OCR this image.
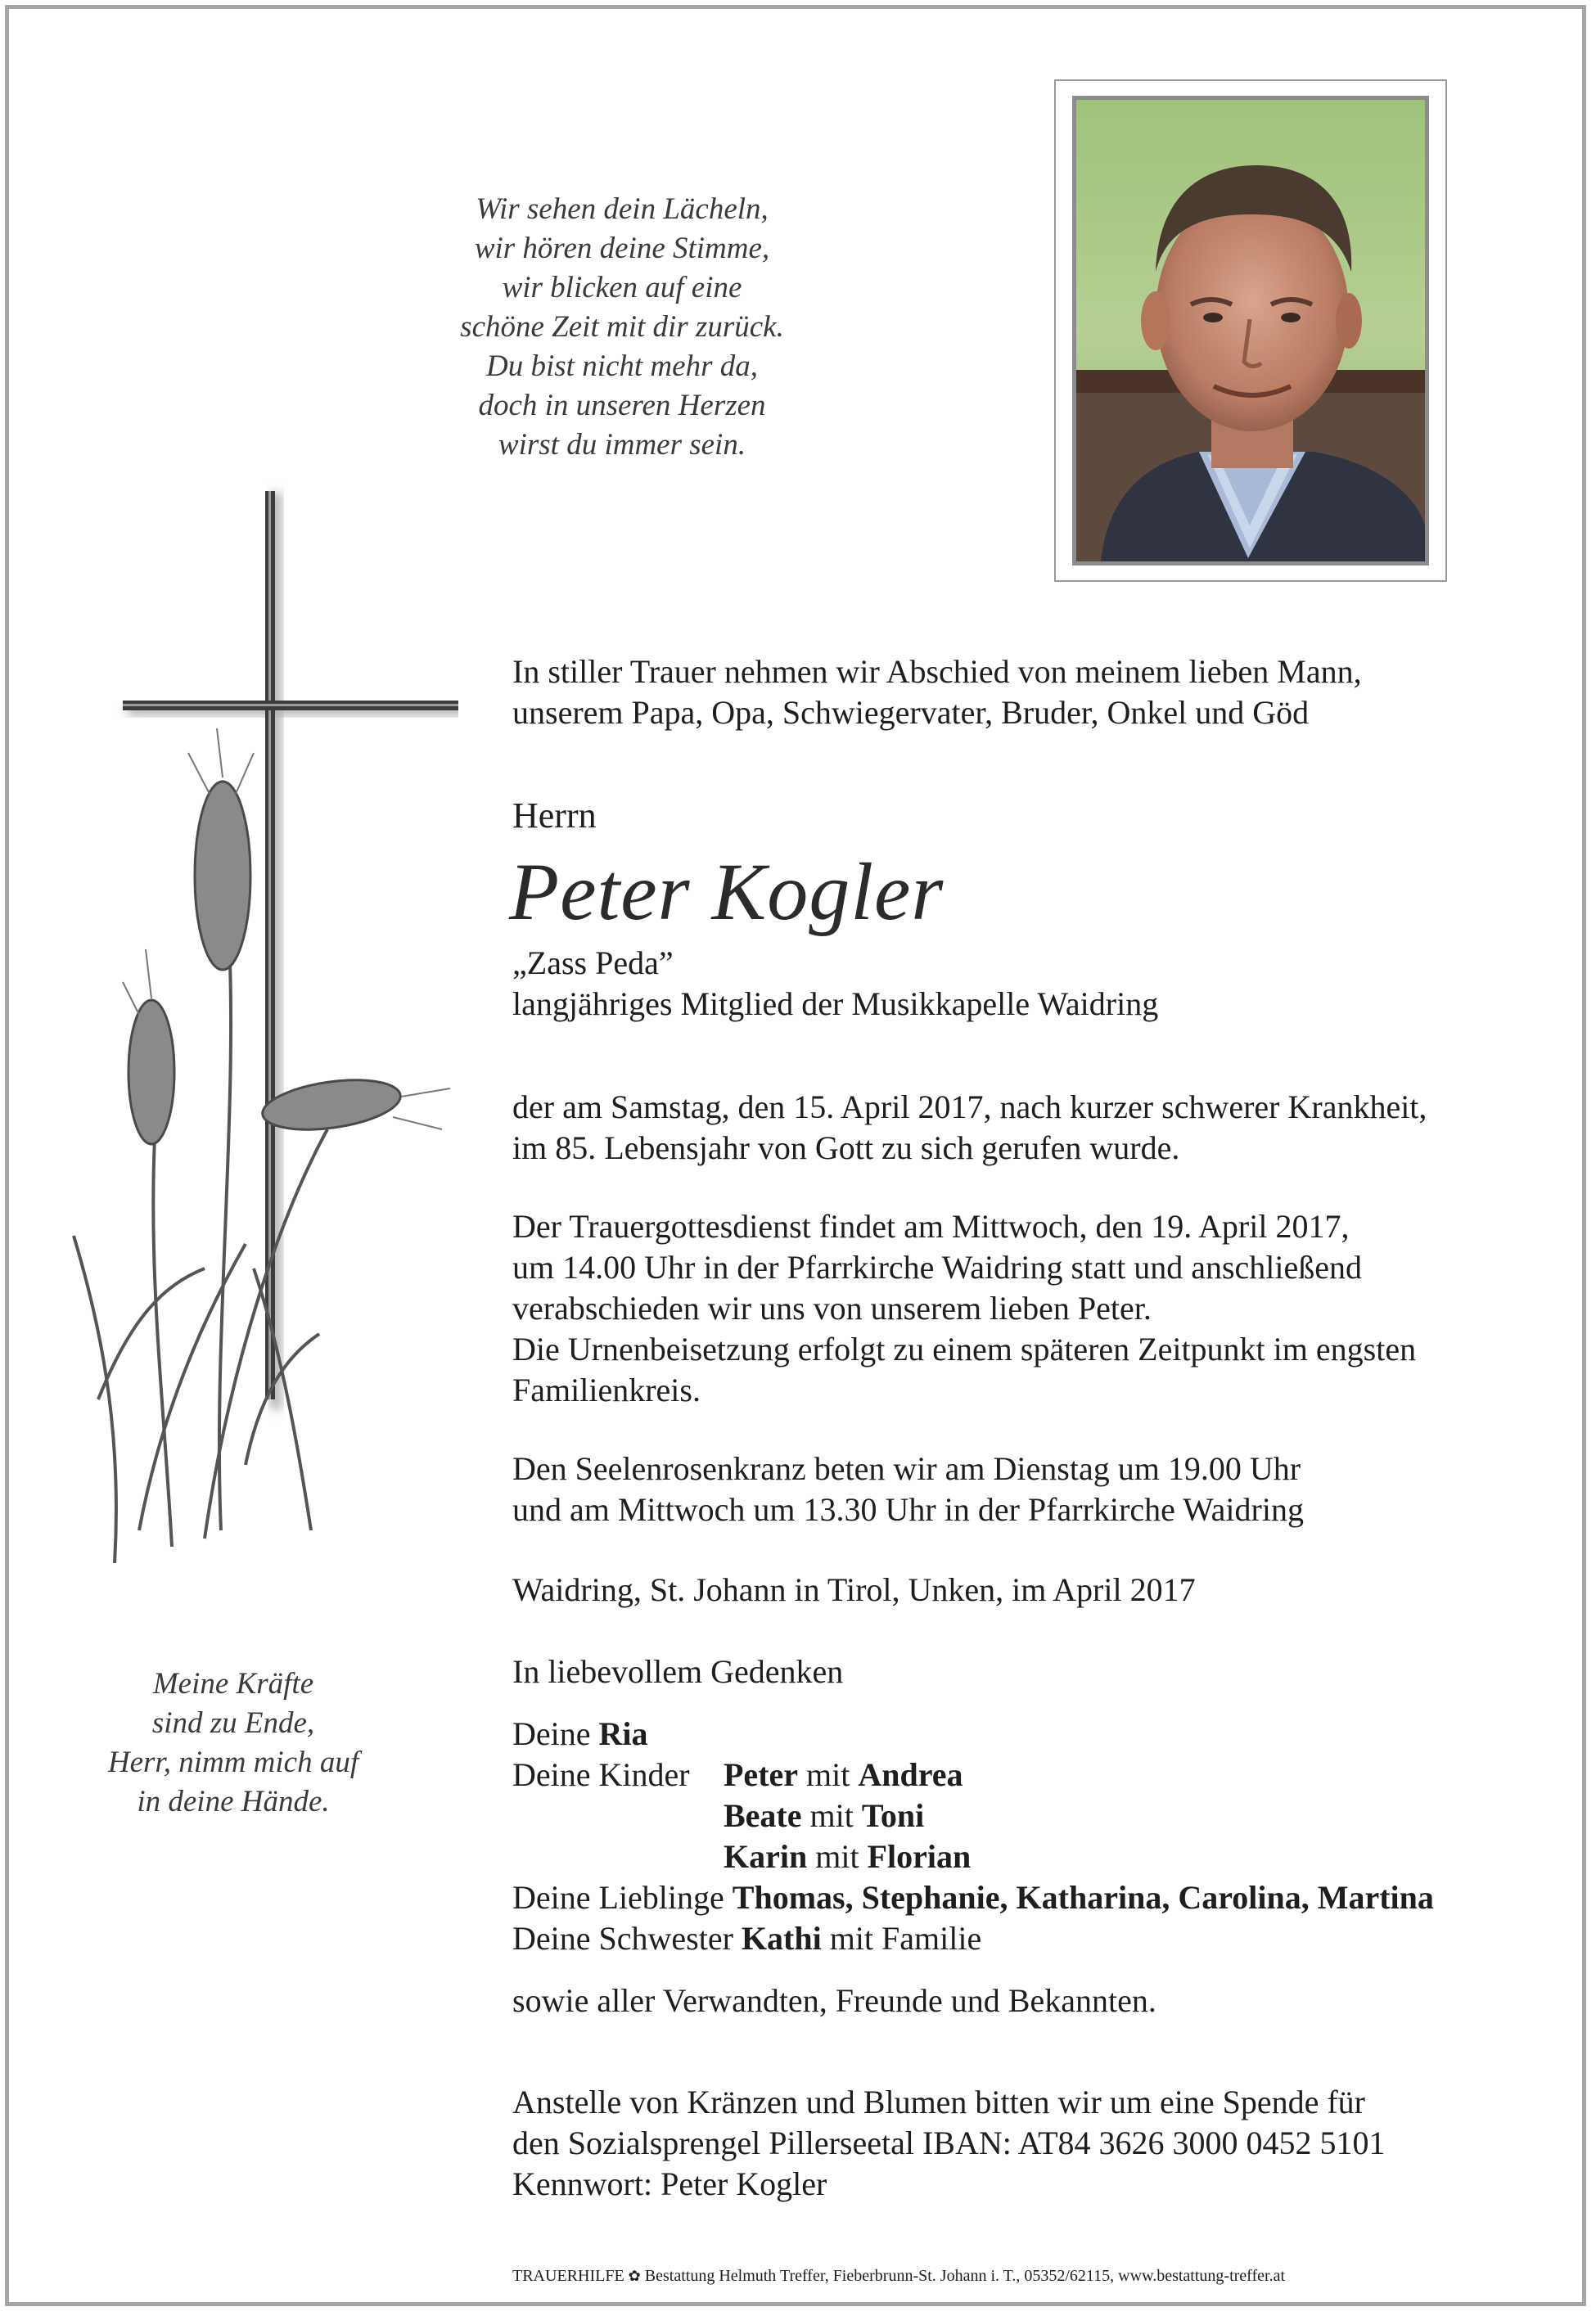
Wir sehen dein Lächeln,
wir hören deine Stimme,
wir blicken auf eine
schöne Zeit mit dir zurück.
Du bist nicht mehr da,
doch in unseren Herzen
wirst du immer sein.
Meine Kräfte
sind zu Ende,
Herr, nimm mich auf
in deine Hände.
In stiller Trauer nehmen wir Abschied von meinem lieben Mann,
unserem Papa, Opa, Schwiegervater, Bruder, Onkel und Göd
Herrn
Peter Kogler
„Zass Peda”
langjähriges Mitglied der Musikkapelle Waidring
der am Samstag, den 15. April 2017, nach kurzer schwerer Krankheit,
im 85. Lebensjahr von Gott zu sich gerufen wurde.
Der Trauergottesdienst findet am Mittwoch, den 19. April 2017,
um 14.00 Uhr in der Pfarrkirche Waidring statt und anschließend
verabschieden wir uns von unserem lieben Peter.
Die Urnenbeisetzung erfolgt zu einem späteren Zeitpunkt im engsten
Familienkreis.
Den Seelenrosenkranz beten wir am Dienstag um 19.00 Uhr
und am Mittwoch um 13.30 Uhr in der Pfarrkirche Waidring
Waidring, St. Johann in Tirol, Unken, im April 2017
In liebevollem Gedenken
Deine Ria
Deine Kinder Peter mit Andrea
Beate mit Toni
Karin mit Florian
Deine Lieblinge Thomas, Stephanie, Katharina, Carolina, Martina
Deine Schwester Kathi mit Familie
sowie aller Verwandten, Freunde und Bekannten.
Anstelle von Kränzen und Blumen bitten wir um eine Spende für
den Sozialsprengel Pillerseetal IBAN: AT84 3626 3000 0452 5101
Kennwort: Peter Kogler
TRAUERHILFE ✿ Bestattung Helmuth Treffer, Fieberbrunn-St. Johann i. T., 05352/62115, www.bestattung-treffer.at
